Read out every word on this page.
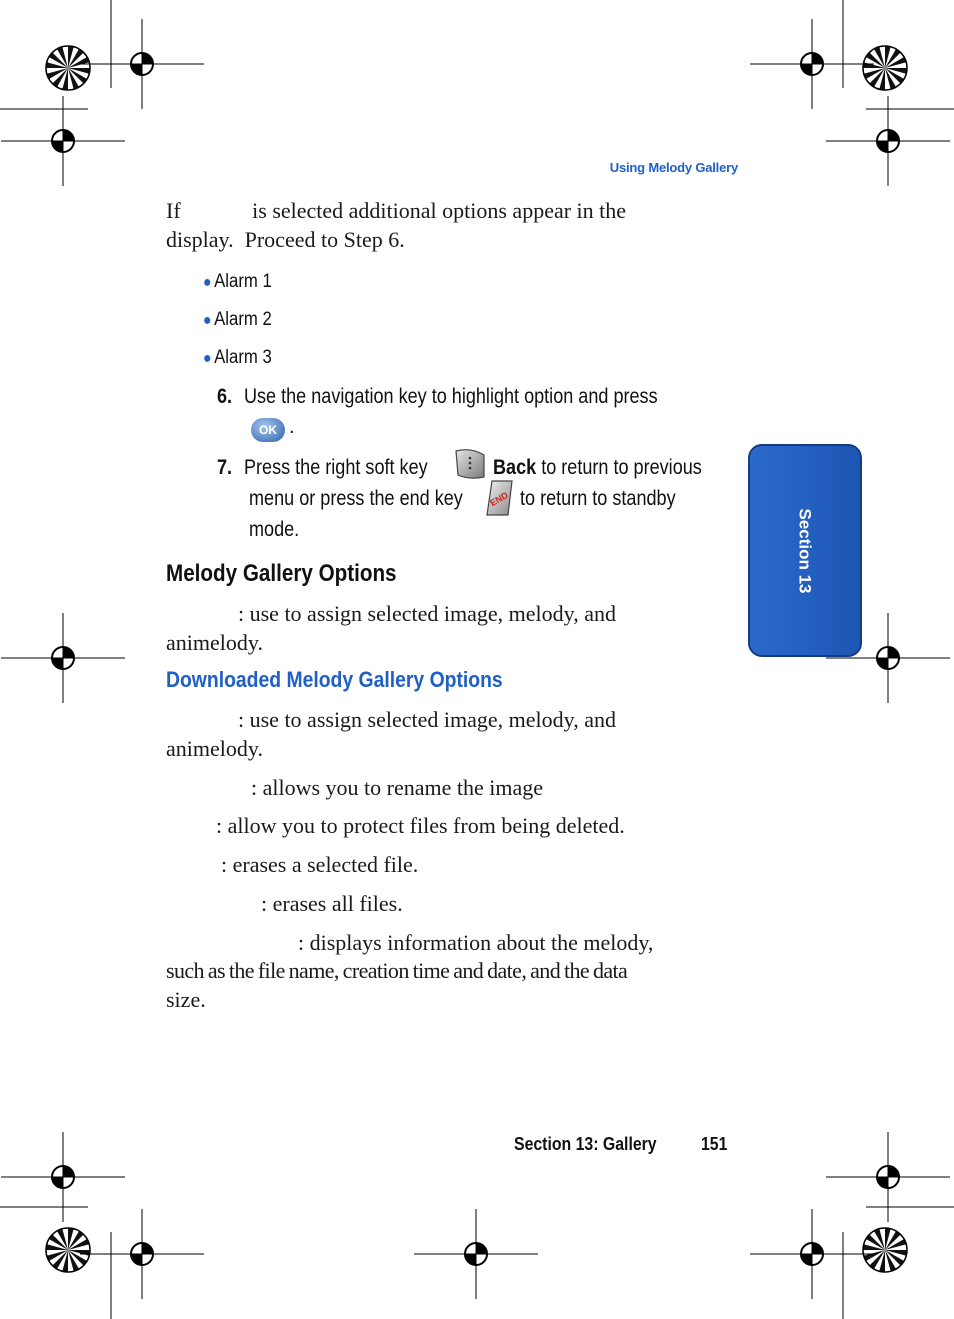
Using Melody Gallery
If             is selected additional options appear in the
display.  Proceed to Step 6.
● Alarm 1
● Alarm 2
● Alarm 3
6. Use the navigation key to highlight option and press
OK .
7. Press the right soft key	Back to return to previous
menu or press the end key	END to return to standby
mode.	Section 13
Melody Gallery Options
: use to assign selected image, melody, and
animelody.
Downloaded Melody Gallery Options
: use to assign selected image, melody, and
animelody.
: allows you to rename the image
: allow you to protect files from being deleted.
: erases a selected file.
: erases all files.
: displays information about the melody,
such as the file name, creation time and date, and the data
size.
Section 13: Gallery 151
